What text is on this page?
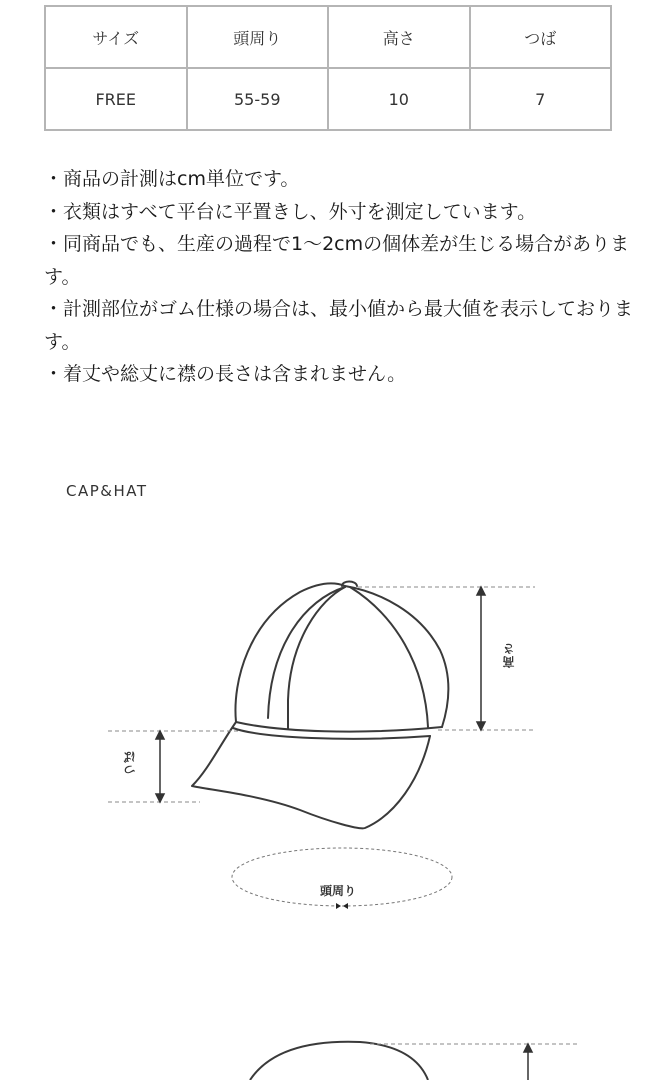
サイズ	頭周り	高さ	つば
FREE	55-59	10	7

・商品の計測はcm単位です。

・衣類はすべて平台に平置きし、外寸を測定しています。

・同商品でも、生産の過程で1〜2cmの個体差が生じる場合があります。

・計測部位がゴム仕様の場合は、最小値から最大値を表示しております。

・着丈や総丈に襟の長さは含まれません。

CAP&HAT
高さ
つば
頭周り
